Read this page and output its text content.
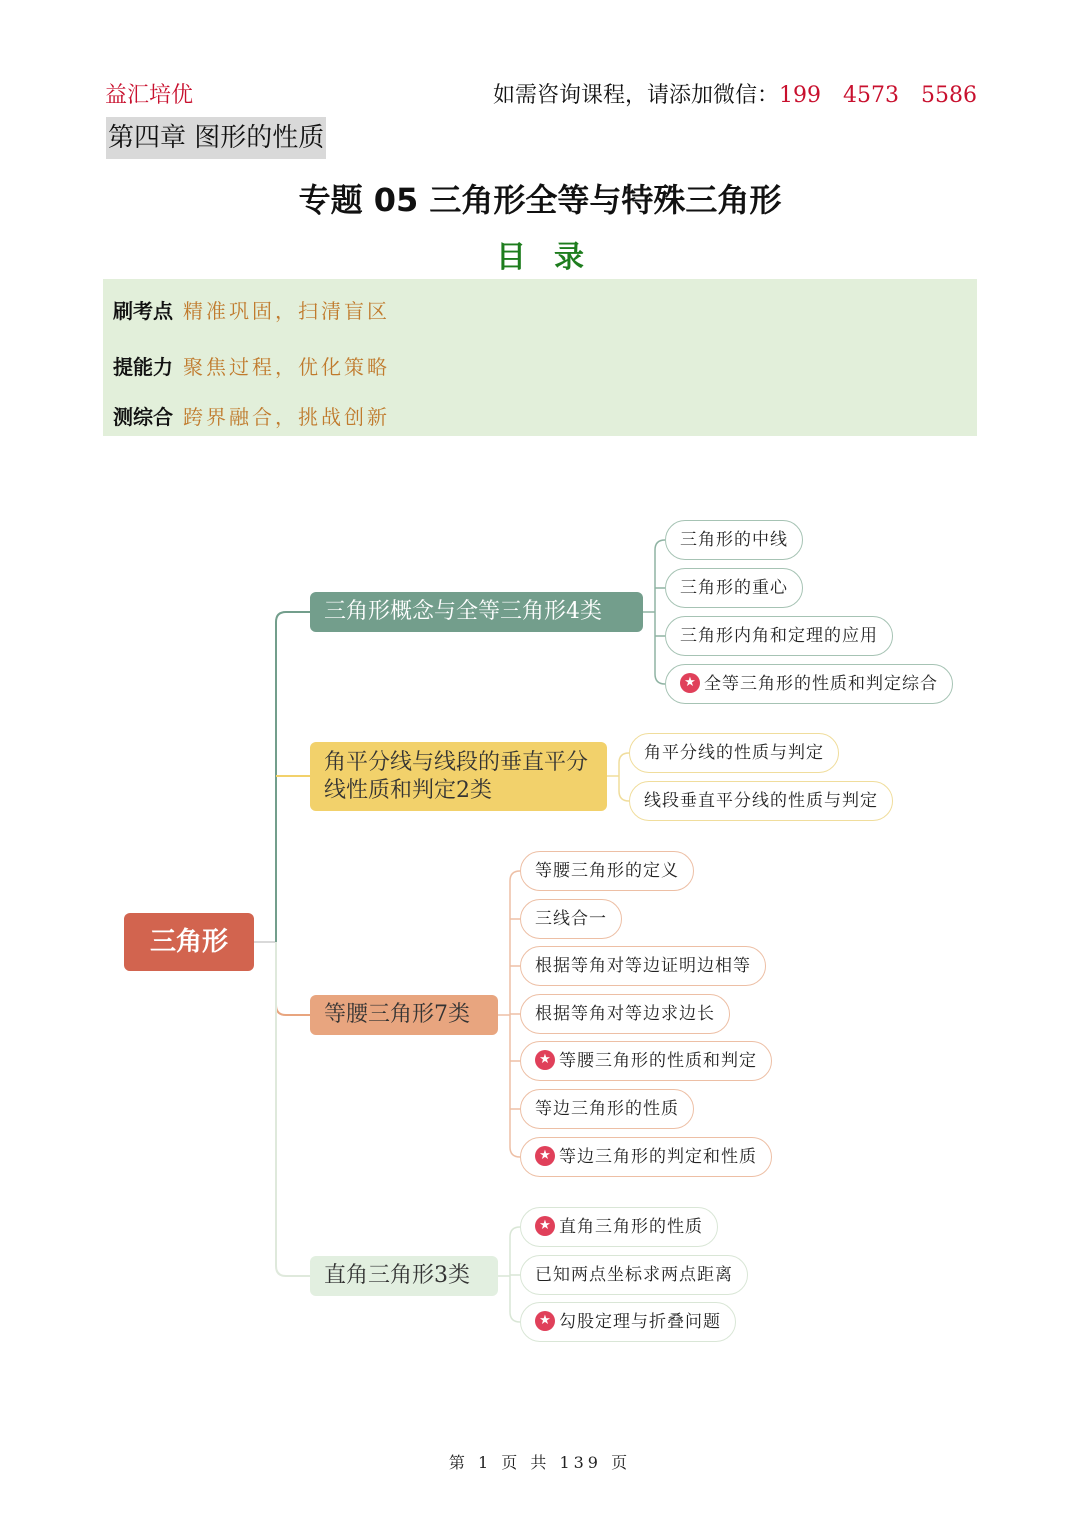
益汇培优	如需咨询课程，请添加微信：199　4573　5586
第四章 图形的性质
专题 05 三角形全等与特殊三角形
目录
刷考点 精准巩固，扫清盲区
提能力 聚焦过程，优化策略
测综合 跨界融合，挑战创新
三角形
三角形概念与全等三角形4类
角平分线与线段的垂直平分线性质和判定2类
等腰三角形7类
直角三角形3类
三角形的中线
三角形的重心
三角形内角和定理的应用
★ 全等三角形的性质和判定综合
角平分线的性质与判定
线段垂直平分线的性质与判定
等腰三角形的定义
三线合一
根据等角对等边证明边相等
根据等角对等边求边长
★ 等腰三角形的性质和判定
等边三角形的性质
★ 等边三角形的判定和性质
★ 直角三角形的性质
已知两点坐标求两点距离
★ 勾股定理与折叠问题
第 1 页 共 139 页
